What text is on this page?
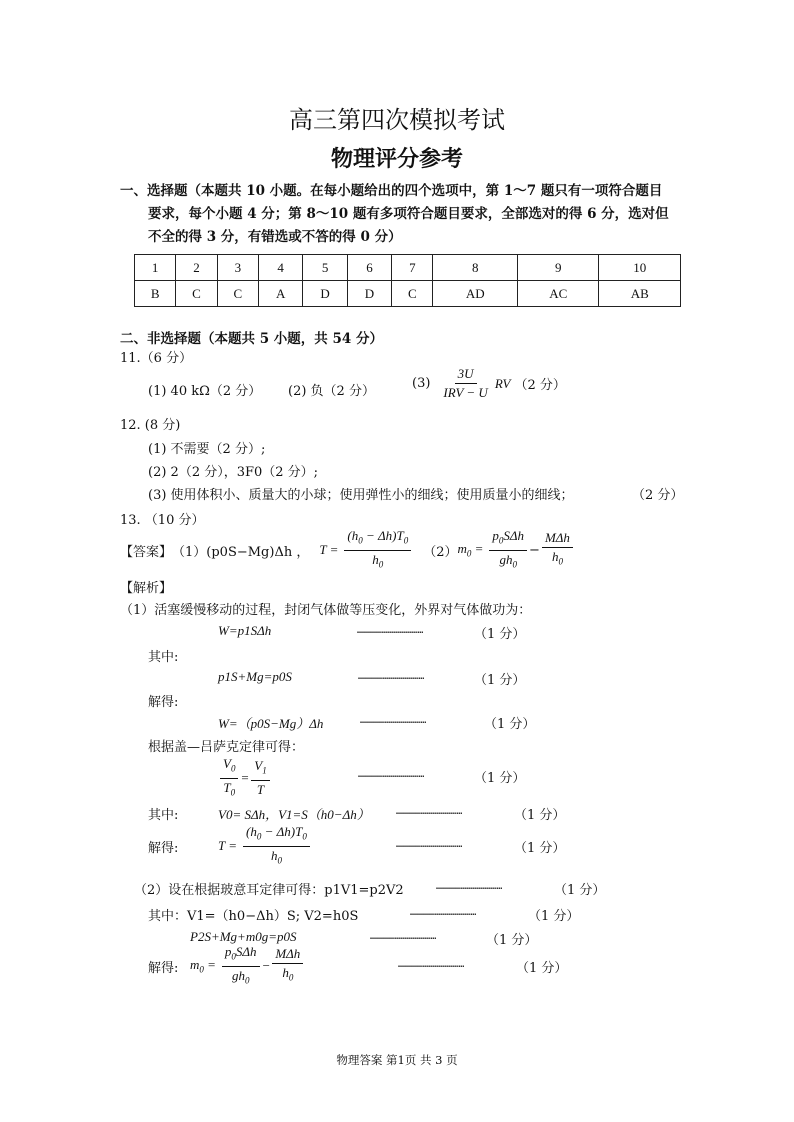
高三第四次模拟考试
物理评分参考
一、选择题（本题共 10 小题。在每小题给出的四个选项中，第 1～7 题只有一项符合题目
要求，每个小题 4 分；第 8～10 题有多项符合题目要求，全部选对的得 6 分，选对但
不全的得 3 分，有错选或不答的得 0 分）
1	2	3	4	5	6	7	8	9	10
B	C	C	A	D	D	C	AD	AC	AB
二、非选择题（本题共 5 小题，共 54 分）
11.（6 分）
(1) 40 kΩ（2 分） (2) 负（2 分）
(3)
3U
IRV − U
RV （2 分）
12. (8 分)
(1) 不需要（2 分）;
(2) 2（2 分），3F0（2 分）;
(3) 使用体积小、质量大的小球；使用弹性小的细线；使用质量小的细线；	（2 分）
13. （10 分）
【答案】 （1）(p0S−Mg)Δh ， $T = \frac{(h_0 - \Delta h)T_0}{h_0} (2) m_0$ =
$p_0S\Delta h$
$gh_0$
−
MΔh
$h_0$
【解析】
（1）活塞缓慢移动的过程，封闭气体做等压变化，外界对气体做功为：
W=p1SΔh	……………………………	（1 分）
其中:
p1S+Mg=p0S	……………………………	（1 分）
解得:
W=（p0S−Mg）Δh	……………………………	（1 分）
根据盖—吕萨克定律可得：
$\frac{V_0}{T_0} = \frac{V_1}{T}$	……………………………	（1 分）
其中:	V0= SΔh，V1=S（h0−Δh）	……………………………	（1 分）
解得:	$T = \frac{(h_0 - \Delta h)T_0}{h_0}$	……………………………	（1 分）
（2）设在根据玻意耳定律可得：p1V1=p2V2	……………………………	（1 分）
其中：V1=（h0−Δh）S; V2=h0S	……………………………	（1 分）
P2S+Mg+m0g=p0S	……………………………	（1 分）
解得: $m_0$ =
$p_0S\Delta h$
$gh_0$
−
MΔh
$h_0$
……………………………	（1 分）
物理答案 第1页 共 3 页
